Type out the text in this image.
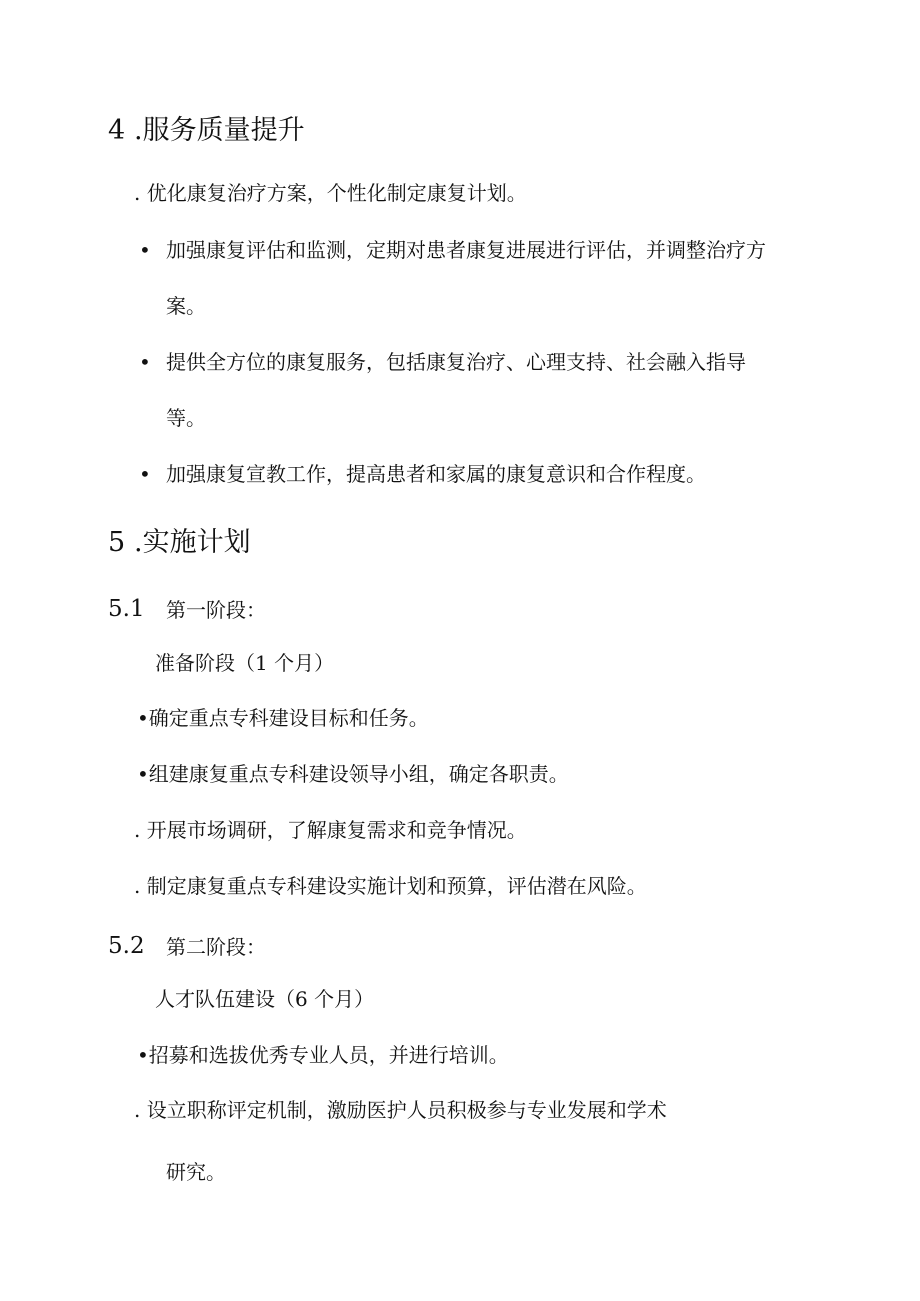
4 .服务质量提升
. 优化康复治疗方案，个性化制定康复计划。
• 加强康复评估和监测，定期对患者康复进展进行评估，并调整治疗方
案。
• 提供全方位的康复服务，包括康复治疗、心理支持、社会融入指导
等。
• 加强康复宣教工作，提高患者和家属的康复意识和合作程度。
5 .实施计划
5.1 第一阶段：
准备阶段（1 个月）
•确定重点专科建设目标和任务。
•组建康复重点专科建设领导小组，确定各职责。
. 开展市场调研，了解康复需求和竞争情况。
. 制定康复重点专科建设实施计划和预算，评估潜在风险。
5.2 第二阶段：
人才队伍建设（6 个月）
•招募和选拔优秀专业人员，并进行培训。
. 设立职称评定机制，激励医护人员积极参与专业发展和学术
研究。
